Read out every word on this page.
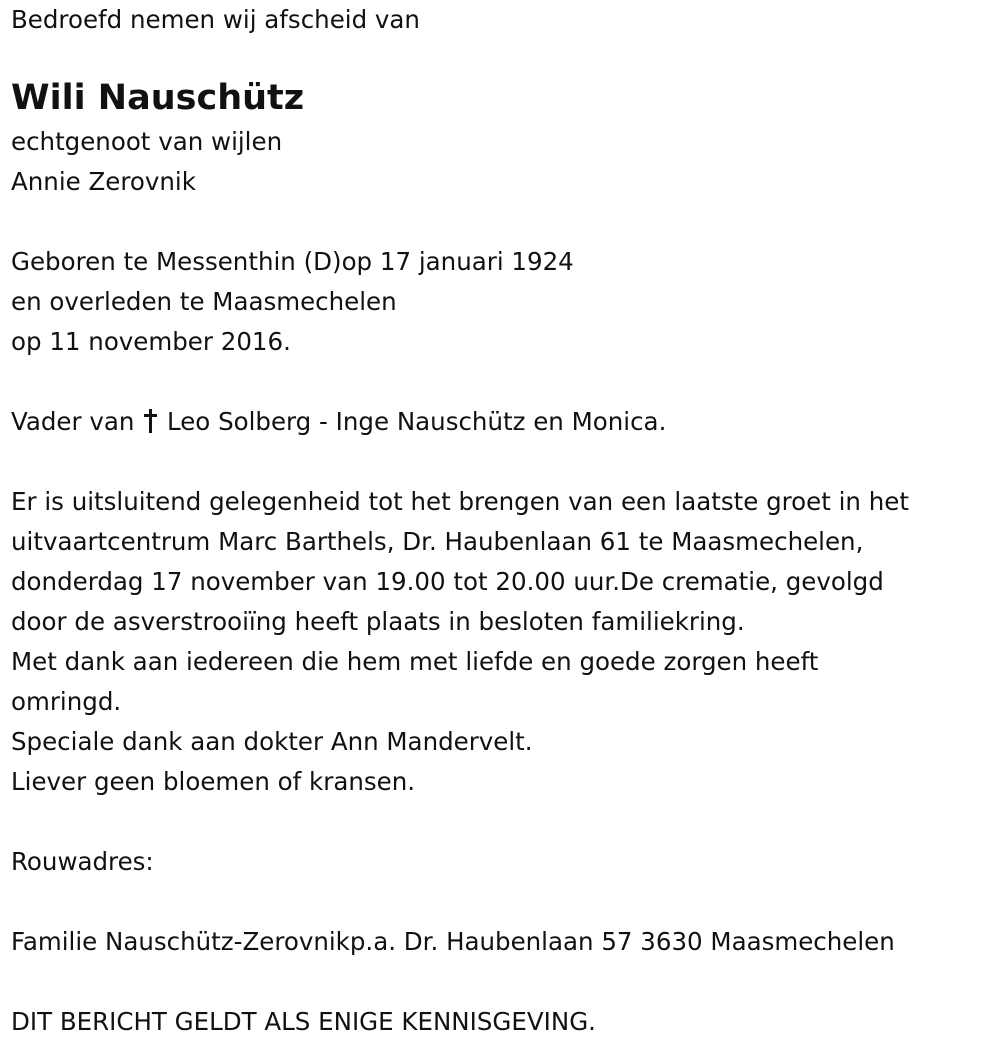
Bedroefd nemen wij afscheid van
Wili Nauschütz
echtgenoot van wijlen
Annie Zerovnik
Geboren te Messenthin (D)op 17 januari 1924
en overleden te Maasmechelen
op 11 november 2016.
Vader van Leo Solberg - Inge Nauschütz en Monica.
Er is uitsluitend gelegenheid tot het brengen van een laatste groet in het
uitvaartcentrum Marc Barthels, Dr. Haubenlaan 61 te Maasmechelen,
donderdag 17 november van 19.00 tot 20.00 uur.De crematie, gevolgd
door de asverstrooiïng heeft plaats in besloten familiekring.
Met dank aan iedereen die hem met liefde en goede zorgen heeft
omringd.
Speciale dank aan dokter Ann Mandervelt.
Liever geen bloemen of kransen.
Rouwadres:
Familie Nauschütz-Zerovnikp.a. Dr. Haubenlaan 57 3630 Maasmechelen
DIT BERICHT GELDT ALS ENIGE KENNISGEVING.
